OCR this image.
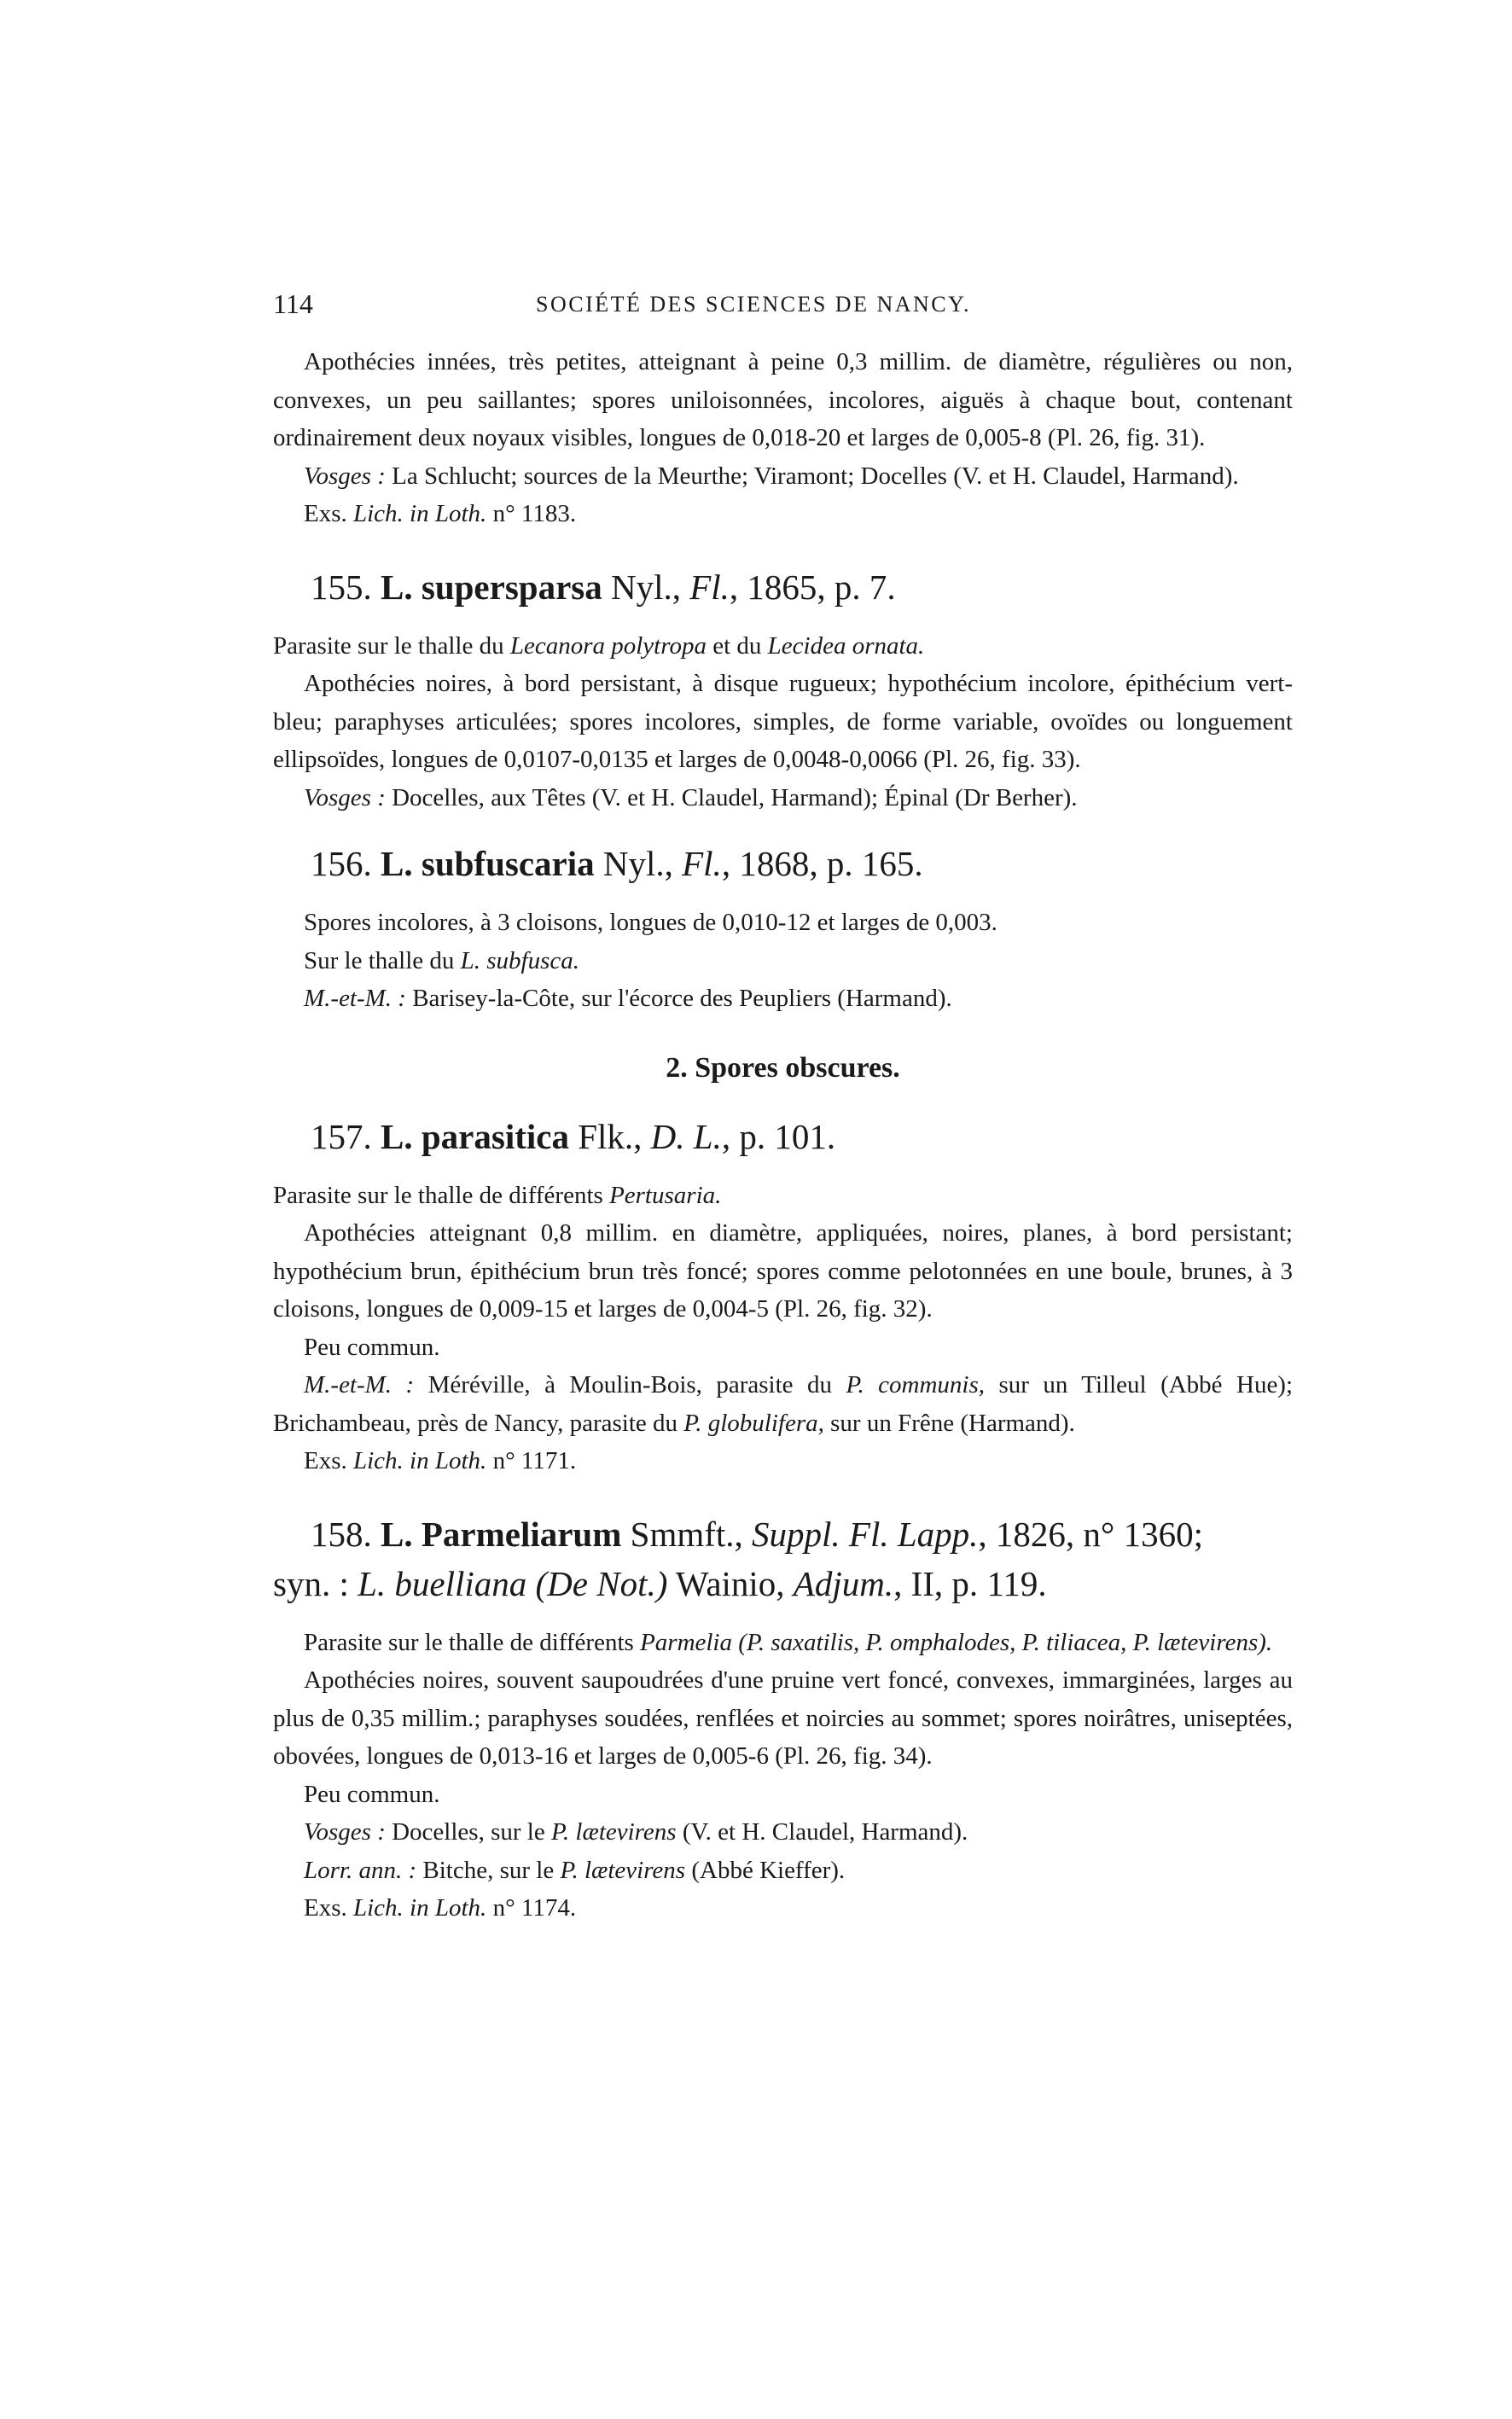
114	SOCIÉTÉ DES SCIENCES DE NANCY.

Apothécies innées, très petites, atteignant à peine 0,3 millim. de diamètre, régulières ou non, convexes, un peu saillantes; spores uniloisonnées, incolores, aiguës à chaque bout, contenant ordinairement deux noyaux visibles, longues de 0,018-20 et larges de 0,005-8 (Pl. 26, fig. 31).

Vosges : La Schlucht; sources de la Meurthe; Viramont; Docelles (V. et H. Claudel, Harmand).

Exs. Lich. in Loth. n° 1183.

155. L. supersparsa Nyl., Fl., 1865, p. 7.

Parasite sur le thalle du Lecanora polytropa et du Lecidea ornata.

Apothécies noires, à bord persistant, à disque rugueux; hypothécium incolore, épithécium vert-bleu; paraphyses articulées; spores incolores, simples, de forme variable, ovoïdes ou longuement ellipsoïdes, longues de 0,0107-0,0135 et larges de 0,0048-0,0066 (Pl. 26, fig. 33).

Vosges : Docelles, aux Têtes (V. et H. Claudel, Harmand); Épinal (Dr Berher).

156. L. subfuscaria Nyl., Fl., 1868, p. 165.

Spores incolores, à 3 cloisons, longues de 0,010-12 et larges de 0,003.

Sur le thalle du L. subfusca.

M.-et-M. : Barisey-la-Côte, sur l'écorce des Peupliers (Harmand).

2. Spores obscures.
157. L. parasitica Flk., D. L., p. 101.

Parasite sur le thalle de différents Pertusaria.

Apothécies atteignant 0,8 millim. en diamètre, appliquées, noires, planes, à bord persistant; hypothécium brun, épithécium brun très foncé; spores comme pelotonnées en une boule, brunes, à 3 cloisons, longues de 0,009-15 et larges de 0,004-5 (Pl. 26, fig. 32).

Peu commun.

M.-et-M. : Méréville, à Moulin-Bois, parasite du P. communis, sur un Tilleul (Abbé Hue); Brichambeau, près de Nancy, parasite du P. globulifera, sur un Frêne (Harmand).

Exs. Lich. in Loth. n° 1171.

158. L. Parmeliarum Smmft., Suppl. Fl. Lapp., 1826, n° 1360;
syn. : L. buelliana (De Not.) Wainio, Adjum., II, p. 119.

Parasite sur le thalle de différents Parmelia (P. saxatilis, P. omphalodes, P. tiliacea, P. lætevirens).

Apothécies noires, souvent saupoudrées d'une pruine vert foncé, convexes, immarginées, larges au plus de 0,35 millim.; paraphyses soudées, renflées et noircies au sommet; spores noirâtres, uniseptées, obovées, longues de 0,013-16 et larges de 0,005-6 (Pl. 26, fig. 34).

Peu commun.

Vosges : Docelles, sur le P. lætevirens (V. et H. Claudel, Harmand).

Lorr. ann. : Bitche, sur le P. lætevirens (Abbé Kieffer).

Exs. Lich. in Loth. n° 1174.
